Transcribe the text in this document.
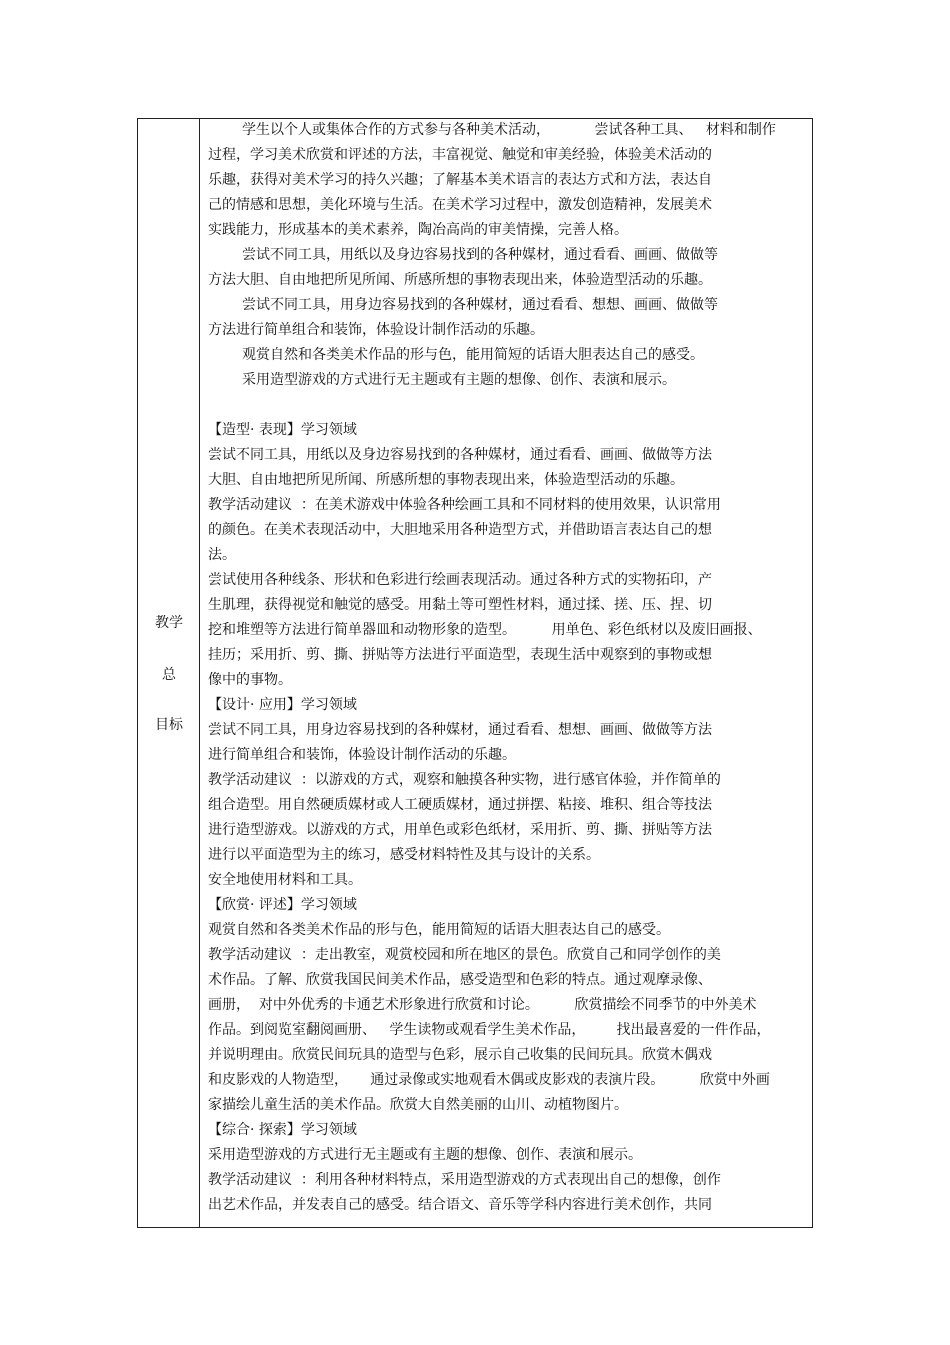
教学
总
目标
学生以个人或集体合作的方式参与各种美术活动，          尝试各种工具、   材料和制作
过程，学习美术欣赏和评述的方法，丰富视觉、触觉和审美经验，体验美术活动的
乐趣，获得对美术学习的持久兴趣；了解基本美术语言的表达方式和方法，表达自
己的情感和思想，美化环境与生活。在美术学习过程中，激发创造精神，发展美术
实践能力，形成基本的美术素养，陶冶高尚的审美情操，完善人格。
尝试不同工具，用纸以及身边容易找到的各种媒材，通过看看、画画、做做等
方法大胆、自由地把所见所闻、所感所想的事物表现出来，体验造型活动的乐趣。
尝试不同工具，用身边容易找到的各种媒材，通过看看、想想、画画、做做等
方法进行简单组合和装饰，体验设计制作活动的乐趣。
观赏自然和各类美术作品的形与色，能用简短的话语大胆表达自己的感受。
采用造型游戏的方式进行无主题或有主题的想像、创作、表演和展示。
【造型· 表现】学习领域
尝试不同工具，用纸以及身边容易找到的各种媒材，通过看看、画画、做做等方法
大胆、自由地把所见所闻、所感所想的事物表现出来，体验造型活动的乐趣。
教学活动建议  ：在美术游戏中体验各种绘画工具和不同材料的使用效果，认识常用
的颜色。在美术表现活动中，大胆地采用各种造型方式，并借助语言表达自己的想
法。
尝试使用各种线条、形状和色彩进行绘画表现活动。通过各种方式的实物拓印，产
生肌理，获得视觉和触觉的感受。用黏土等可塑性材料，通过揉、搓、压、捏、切
挖和堆塑等方法进行简单器皿和动物形象的造型。        用单色、彩色纸材以及废旧画报、
挂历；采用折、剪、撕、拼贴等方法进行平面造型，表现生活中观察到的事物或想
像中的事物。
【设计· 应用】学习领域
尝试不同工具，用身边容易找到的各种媒材，通过看看、想想、画画、做做等方法
进行简单组合和装饰，体验设计制作活动的乐趣。
教学活动建议  ：以游戏的方式，观察和触摸各种实物，进行感官体验，并作简单的
组合造型。用自然硬质媒材或人工硬质媒材，通过拼摆、粘接、堆积、组合等技法
进行造型游戏。以游戏的方式，用单色或彩色纸材，采用折、剪、撕、拼贴等方法
进行以平面造型为主的练习，感受材料特性及其与设计的关系。
安全地使用材料和工具。
【欣赏· 评述】学习领域
观赏自然和各类美术作品的形与色，能用简短的话语大胆表达自己的感受。
教学活动建议  ：走出教室，观赏校园和所在地区的景色。欣赏自己和同学创作的美
术作品。了解、欣赏我国民间美术作品，感受造型和色彩的特点。通过观摩录像、
画册，  对中外优秀的卡通艺术形象进行欣赏和讨论。        欣赏描绘不同季节的中外美术
作品。到阅览室翻阅画册、   学生读物或观看学生美术作品，       找出最喜爱的一件作品，
并说明理由。欣赏民间玩具的造型与色彩，展示自己收集的民间玩具。欣赏木偶戏
和皮影戏的人物造型，     通过录像或实地观看木偶或皮影戏的表演片段。        欣赏中外画
家描绘儿童生活的美术作品。欣赏大自然美丽的山川、动植物图片。
【综合· 探索】学习领域
采用造型游戏的方式进行无主题或有主题的想像、创作、表演和展示。
教学活动建议  ：利用各种材料特点，采用造型游戏的方式表现出自己的想像，创作
出艺术作品，并发表自己的感受。结合语文、音乐等学科内容进行美术创作，共同
